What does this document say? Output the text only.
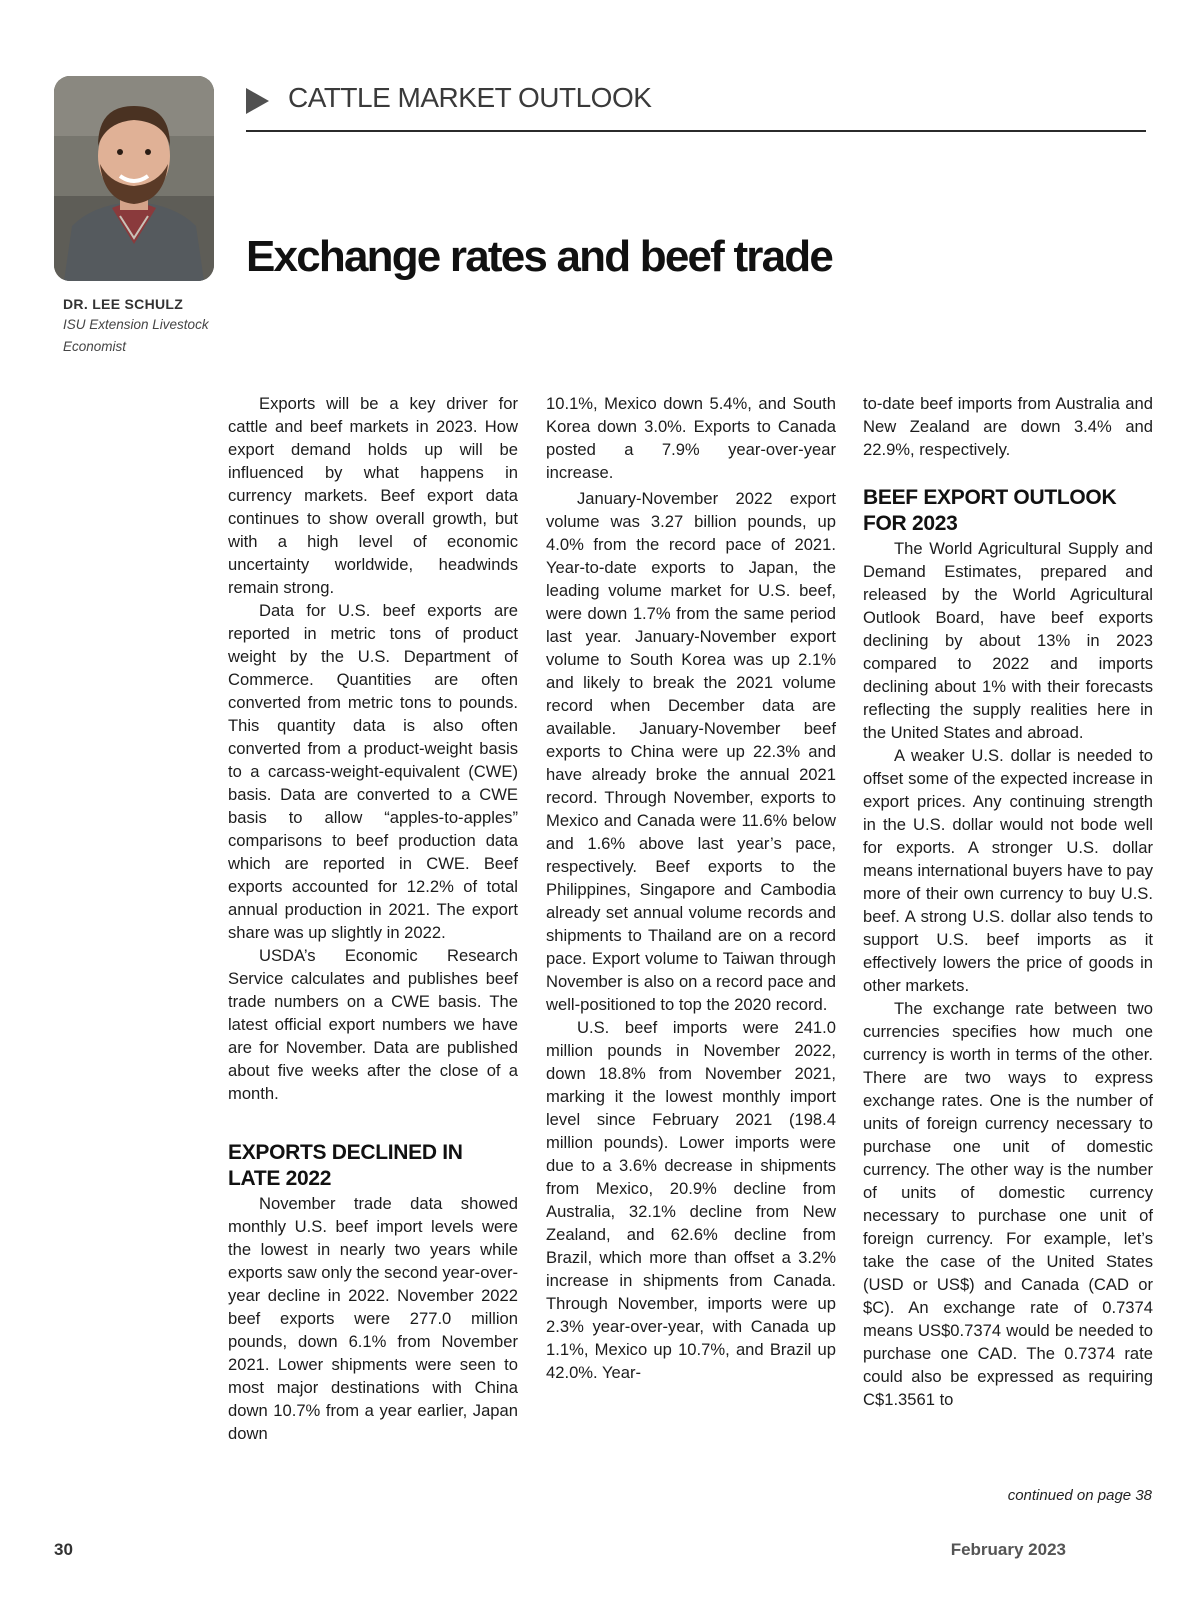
DR. LEE SCHULZ
ISU Extension Livestock Economist
CATTLE MARKET OUTLOOK
Exchange rates and beef trade

Exports will be a key driver for cattle and beef markets in 2023. How export demand holds up will be influenced by what happens in currency markets. Beef export data continues to show overall growth, but with a high level of economic uncertainty worldwide, headwinds remain strong.

Data for U.S. beef exports are reported in metric tons of product weight by the U.S. Department of Commerce. Quantities are often converted from metric tons to pounds. This quantity data is also often converted from a product-weight basis to a carcass-weight-equivalent (CWE) basis. Data are converted to a CWE basis to allow “apples-to-apples” comparisons to beef production data which are reported in CWE. Beef exports accounted for 12.2% of total annual production in 2021. The export share was up slightly in 2022.

USDA’s Economic Research Service calculates and publishes beef trade numbers on a CWE basis. The latest official export numbers we have are for November. Data are published about five weeks after the close of a month.

EXPORTS DECLINED IN LATE 2022

November trade data showed monthly U.S. beef import levels were the lowest in nearly two years while exports saw only the second year-over-year decline in 2022. November 2022 beef exports were 277.0 million pounds, down 6.1% from November 2021. Lower shipments were seen to most major destinations with China down 10.7% from a year earlier, Japan down

10.1%, Mexico down 5.4%, and South Korea down 3.0%. Exports to Canada posted a 7.9% year-over-year increase.

January-November 2022 export volume was 3.27 billion pounds, up 4.0% from the record pace of 2021. Year-to-date exports to Japan, the leading volume market for U.S. beef, were down 1.7% from the same period last year. January-November export volume to South Korea was up 2.1% and likely to break the 2021 volume record when December data are available. January-November beef exports to China were up 22.3% and have already broke the annual 2021 record. Through November, exports to Mexico and Canada were 11.6% below and 1.6% above last year’s pace, respectively. Beef exports to the Philippines, Singapore and Cambodia already set annual volume records and shipments to Thailand are on a record pace. Export volume to Taiwan through November is also on a record pace and well-positioned to top the 2020 record.

U.S. beef imports were 241.0 million pounds in November 2022, down 18.8% from November 2021, marking it the lowest monthly import level since February 2021 (198.4 million pounds). Lower imports were due to a 3.6% decrease in shipments from Mexico, 20.9% decline from Australia, 32.1% decline from New Zealand, and 62.6% decline from Brazil, which more than offset a 3.2% increase in shipments from Canada. Through November, imports were up 2.3% year-over-year, with Canada up 1.1%, Mexico up 10.7%, and Brazil up 42.0%. Year-

to-date beef imports from Australia and New Zealand are down 3.4% and 22.9%, respectively.

BEEF EXPORT OUTLOOK FOR 2023

The World Agricultural Supply and Demand Estimates, prepared and released by the World Agricultural Outlook Board, have beef exports declining by about 13% in 2023 compared to 2022 and imports declining about 1% with their forecasts reflecting the supply realities here in the United States and abroad.

A weaker U.S. dollar is needed to offset some of the expected increase in export prices. Any continuing strength in the U.S. dollar would not bode well for exports. A stronger U.S. dollar means international buyers have to pay more of their own currency to buy U.S. beef. A strong U.S. dollar also tends to support U.S. beef imports as it effectively lowers the price of goods in other markets.

The exchange rate between two currencies specifies how much one currency is worth in terms of the other. There are two ways to express exchange rates. One is the number of units of foreign currency necessary to purchase one unit of domestic currency. The other way is the number of units of domestic currency necessary to purchase one unit of foreign currency. For example, let’s take the case of the United States (USD or US$) and Canada (CAD or $C). An exchange rate of 0.7374 means US$0.7374 would be needed to purchase one CAD. The 0.7374 rate could also be expressed as requiring C$1.3561 to

continued on page 38
30	February 2023
